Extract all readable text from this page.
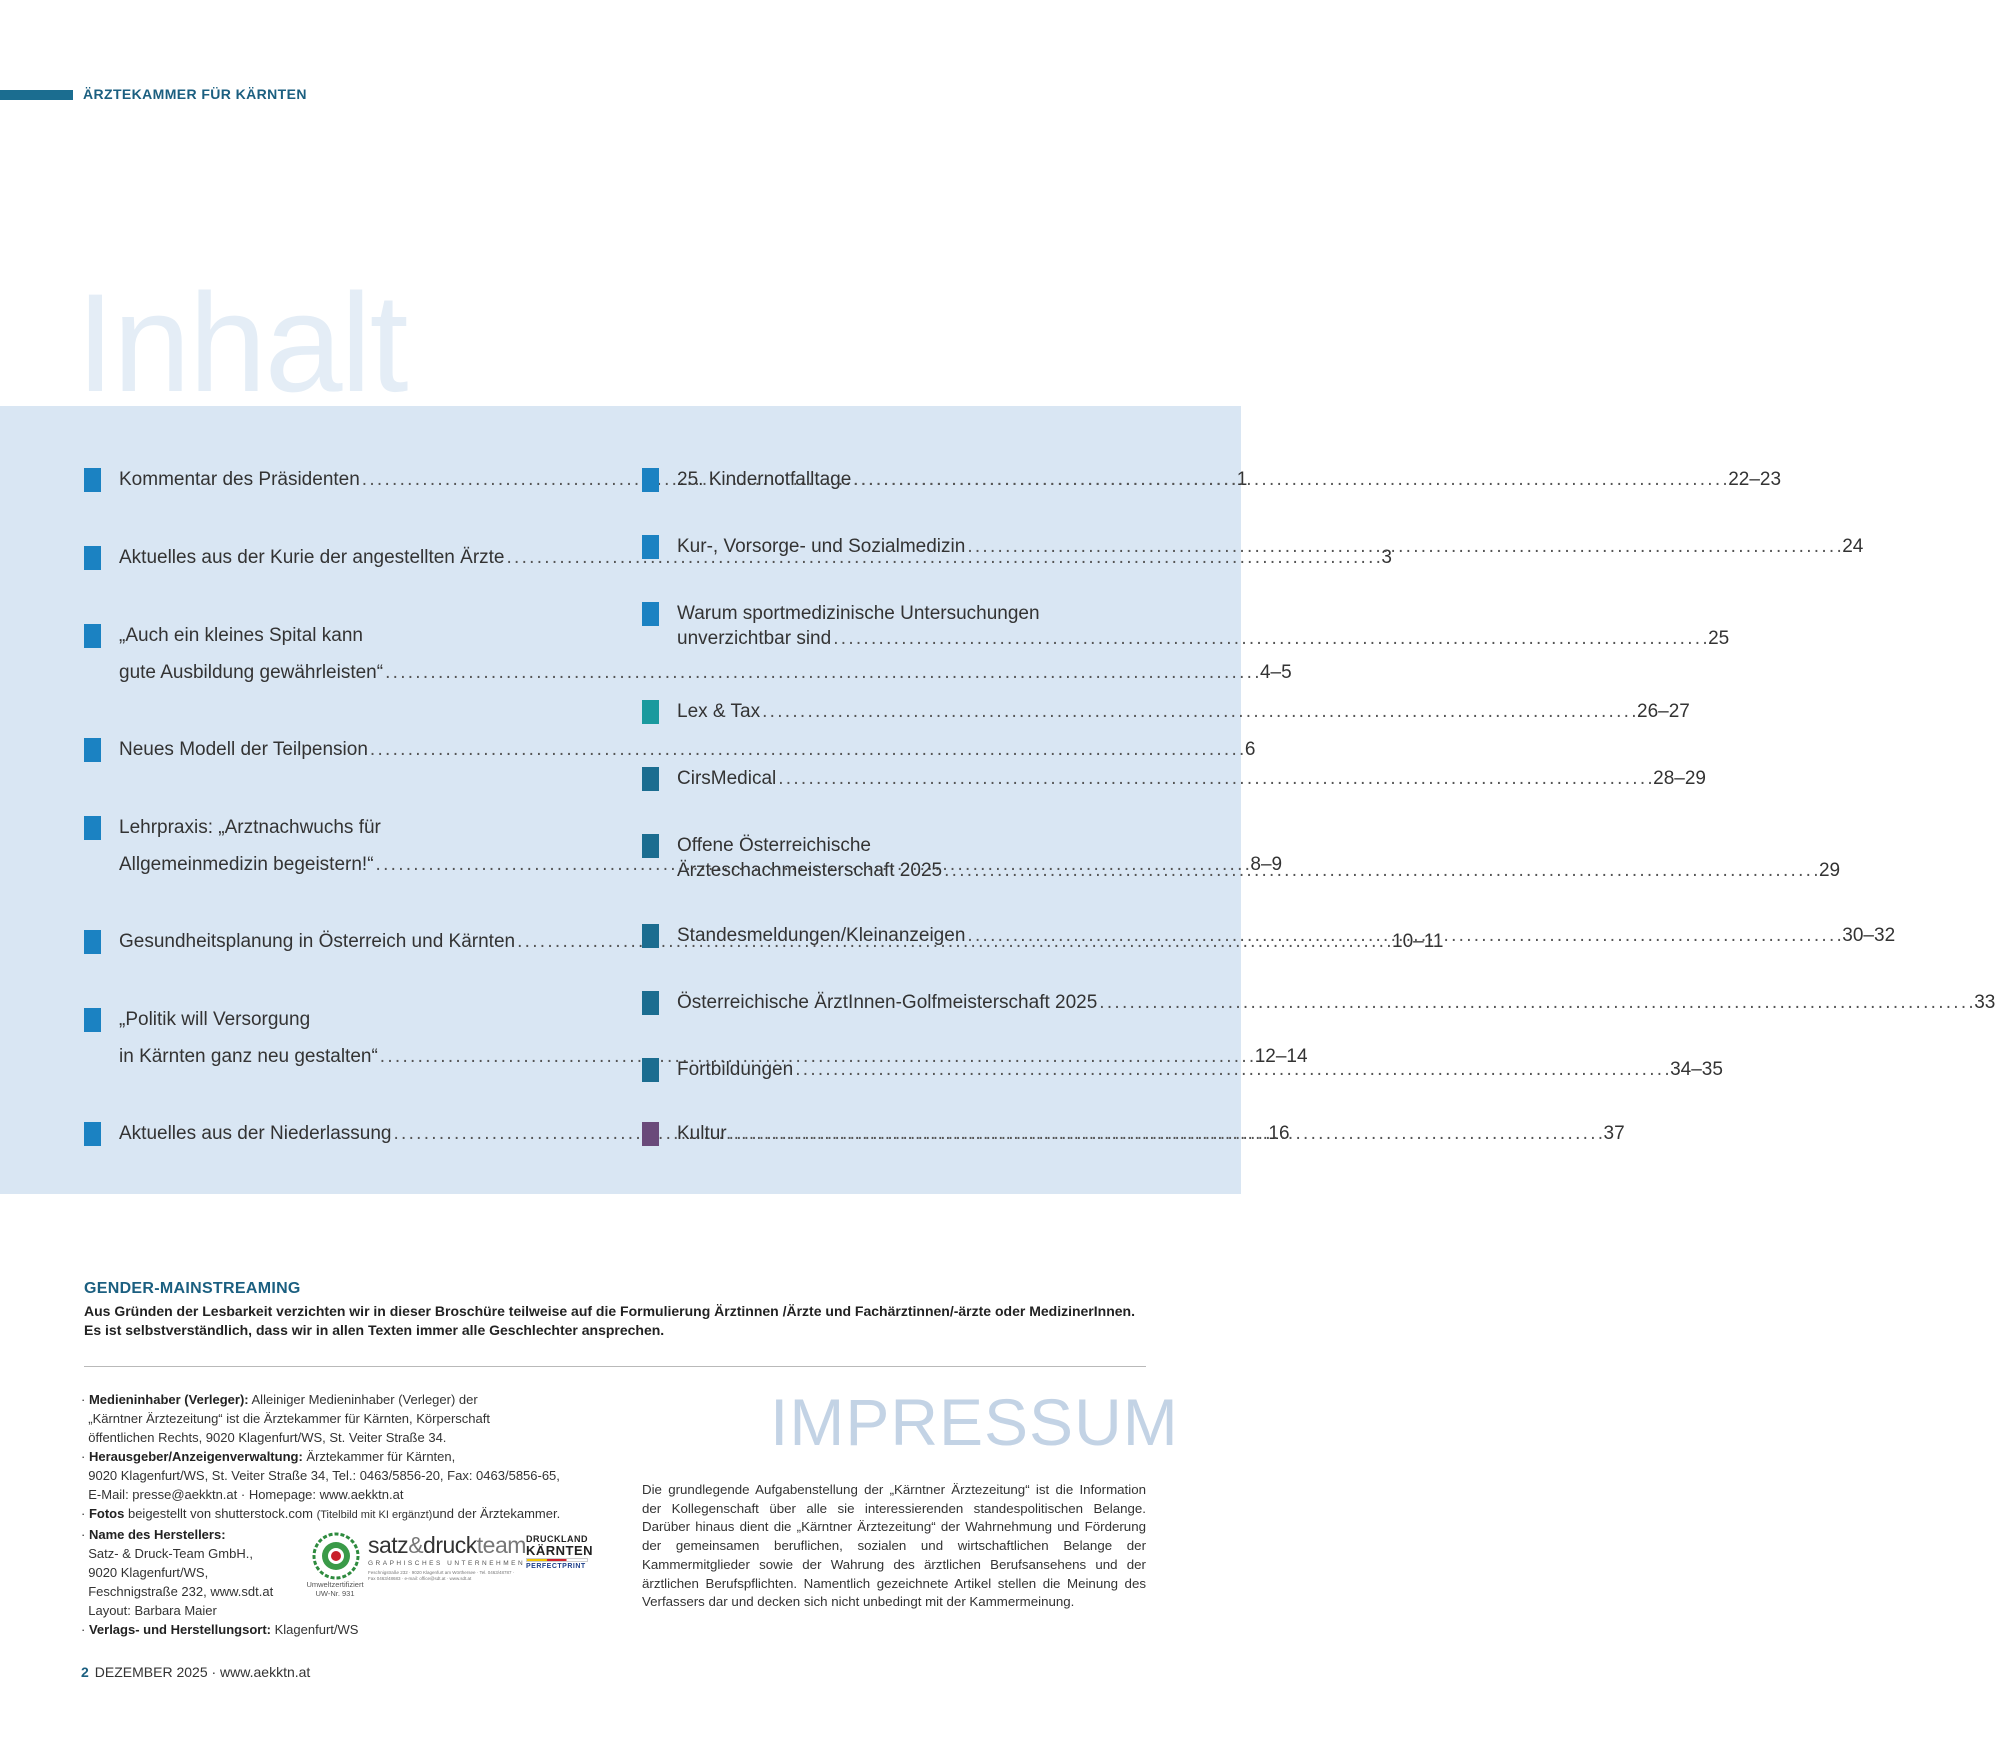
ÄRZTEKAMMER FÜR KÄRNTEN
Inhalt
Kommentar des Präsidenten . . .	1
Aktuelles aus der Kurie der angestellten Ärzte . . .	3
„Auch ein kleines Spital kann
gute Ausbildung gewährleisten“ . . .	4–5
Neues Modell der Teilpension . . .	6
Lehrpraxis: „Arztnachwuchs für
Allgemeinmedizin begeistern!“ . . .	8–9
Gesundheitsplanung in Österreich und Kärnten . . .	10–11
„Politik will Versorgung
in Kärnten ganz neu gestalten“ . . .	12–14
Aktuelles aus der Niederlassung . . .	16
25. Kindernotfalltage . . .	22–23
Kur-, Vorsorge- und Sozialmedizin . . .	24
Warum sportmedizinische Untersuchungen
unverzichtbar sind . . .	25
Lex & Tax . . .	26–27
CirsMedical . . .	28–29
Offene Österreichische
Ärzteschachmeisterschaft 2025 . . .	29
Standesmeldungen/Kleinanzeigen . . .	30–32
Österreichische ÄrztInnen-Golfmeisterschaft 2025 . . .	33
Fortbildungen . . .	34–35
Kultur . . .	37
GENDER-MAINSTREAMING
Aus Gründen der Lesbarkeit verzichten wir in dieser Broschüre teilweise auf die Formulierung Ärztinnen /Ärzte und Fachärztinnen/-ärzte oder MedizinerInnen.
Es ist selbstverständlich, dass wir in allen Texten immer alle Geschlechter ansprechen.
· Medieninhaber (Verleger): Alleiniger Medieninhaber (Verleger) der
„Kärntner Ärztezeitung“ ist die Ärztekammer für Kärnten, Körperschaft
öffentlichen Rechts, 9020 Klagenfurt/WS, St. Veiter Straße 34.
· Herausgeber/Anzeigenverwaltung: Ärztekammer für Kärnten,
9020 Klagenfurt/WS, St. Veiter Straße 34, Tel.: 0463/5856-20, Fax: 0463/5856-65,
E-Mail: presse@aekktn.at · Homepage: www.aekktn.at
· Fotos beigestellt von shutterstock.com (Titelbild mit KI ergänzt)und der Ärztekammer.
· Name des Herstellers:
Satz- & Druck-Team GmbH.,
9020 Klagenfurt/WS,
Feschnigstraße 232, www.sdt.at
Layout: Barbara Maier
· Verlags- und Herstellungsort: Klagenfurt/WS
Umweltzertifiziert
UW-Nr. 931
satz&druckteam
GRAPHISCHES UNTERNEHMEN
Feschnigstraße 232 · 9020 Klagenfurt am Wörthersee · Tel. 0463/48787 · Fax 0463/48683 · e-mail: office@sdt.at · www.sdt.at
DRUCKLAND
KÄRNTEN
PERFECTPRINT
IMPRESSUM
Die grundlegende Aufgabenstellung der „Kärntner Ärztezeitung“ ist die Information der Kollegenschaft über alle sie interessierenden standespolitischen Belange. Darüber hinaus dient die „Kärntner Ärztezeitung“ der Wahrnehmung und Förderung der gemeinsamen beruflichen, sozialen und wirtschaftlichen Belange der Kammermitglieder sowie der Wahrung des ärztlichen Berufsansehens und der ärztlichen Berufspflichten. Namentlich gezeichnete Artikel stellen die Meinung des Verfassers dar und decken sich nicht unbedingt mit der Kammermeinung.
2 DEZEMBER 2025 · www.aekktn.at
